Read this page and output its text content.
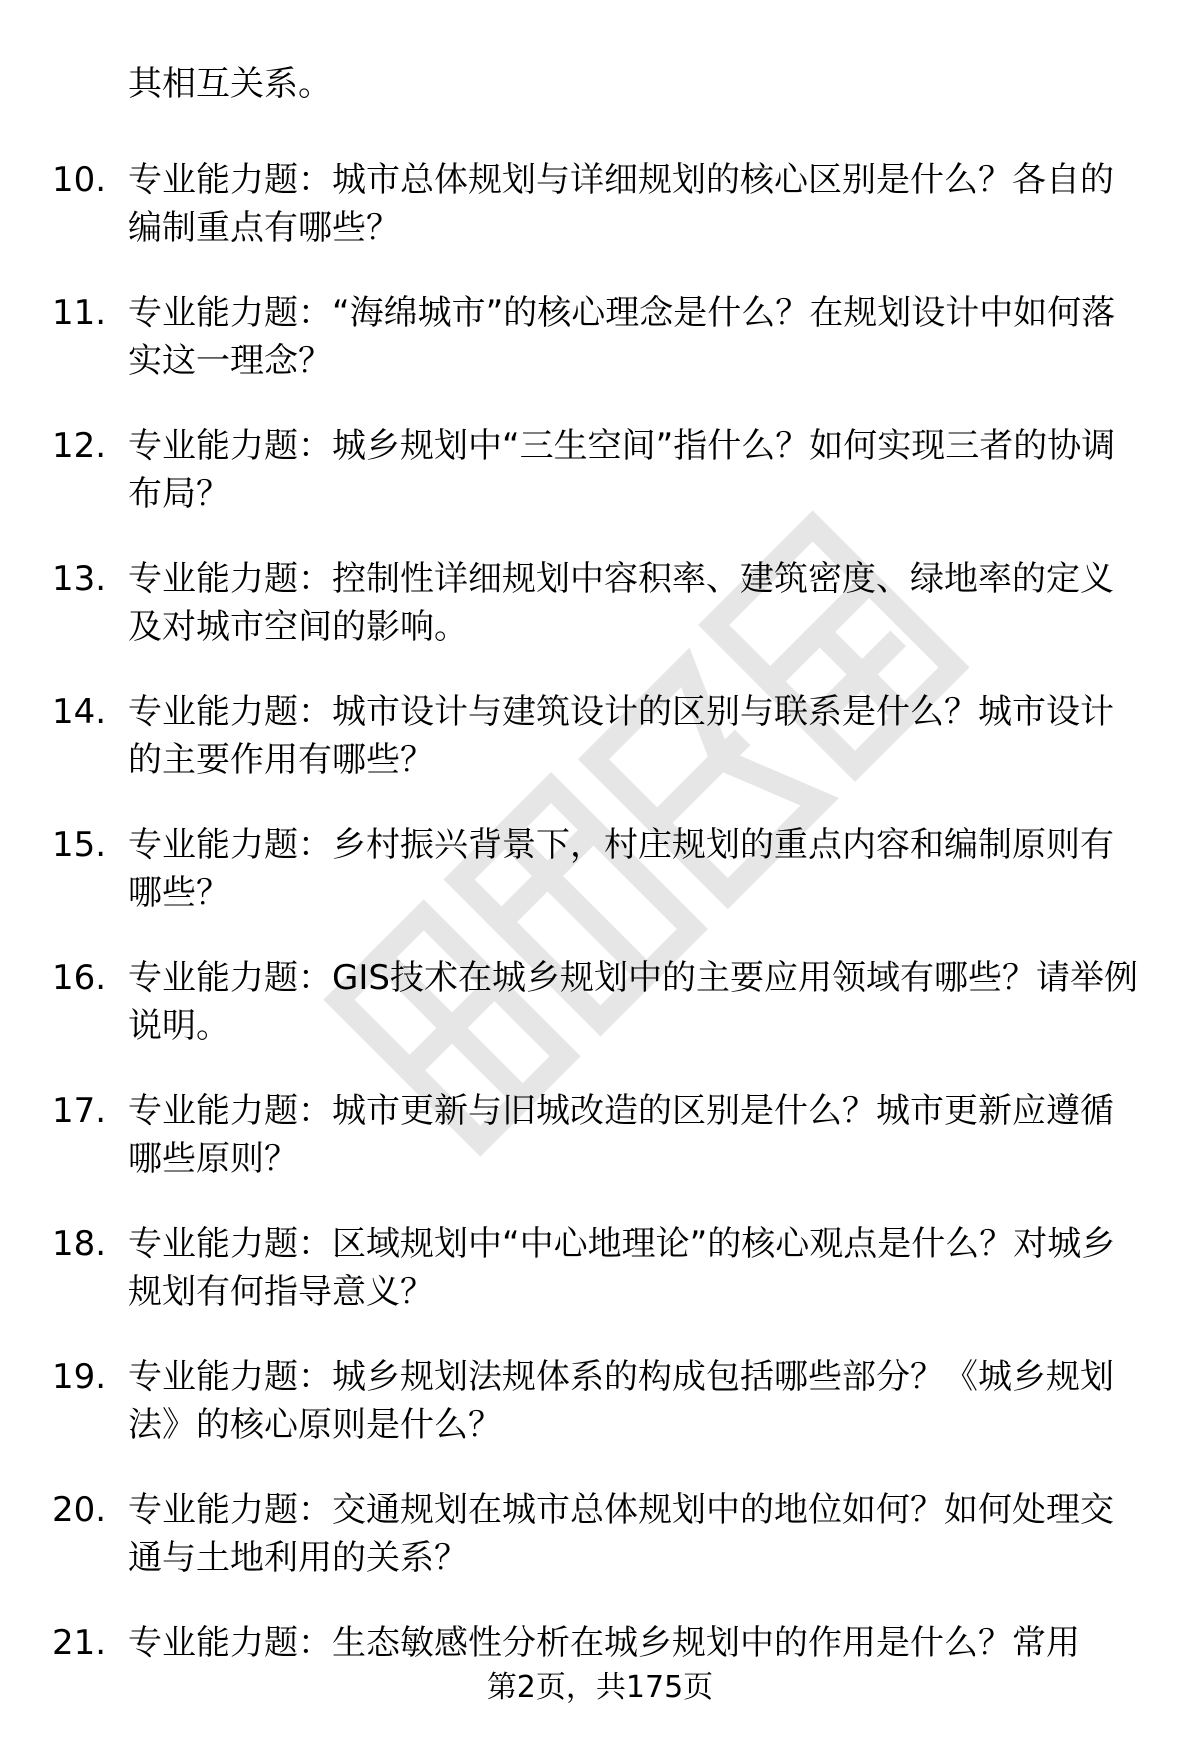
其相互关系。
10. 专业能力题：城市总体规划与详细规划的核心区别是什么？各自的编制重点有哪些？
11. 专业能力题：“海绵城市”的核心理念是什么？在规划设计中如何落实这一理念？
12. 专业能力题：城乡规划中“三生空间”指什么？如何实现三者的协调布局？
13. 专业能力题：控制性详细规划中容积率、建筑密度、绿地率的定义及对城市空间的影响。
14. 专业能力题：城市设计与建筑设计的区别与联系是什么？城市设计的主要作用有哪些？
15. 专业能力题：乡村振兴背景下，村庄规划的重点内容和编制原则有哪些？
16. 专业能力题：GIS技术在城乡规划中的主要应用领域有哪些？请举例说明。
17. 专业能力题：城市更新与旧城改造的区别是什么？城市更新应遵循哪些原则？
18. 专业能力题：区域规划中“中心地理论”的核心观点是什么？对城乡规划有何指导意义？
19. 专业能力题：城乡规划法规体系的构成包括哪些部分？《城乡规划法》的核心原则是什么？
20. 专业能力题：交通规划在城市总体规划中的地位如何？如何处理交通与土地利用的关系？
21. 专业能力题：生态敏感性分析在城乡规划中的作用是什么？常用
第2页，共175页
